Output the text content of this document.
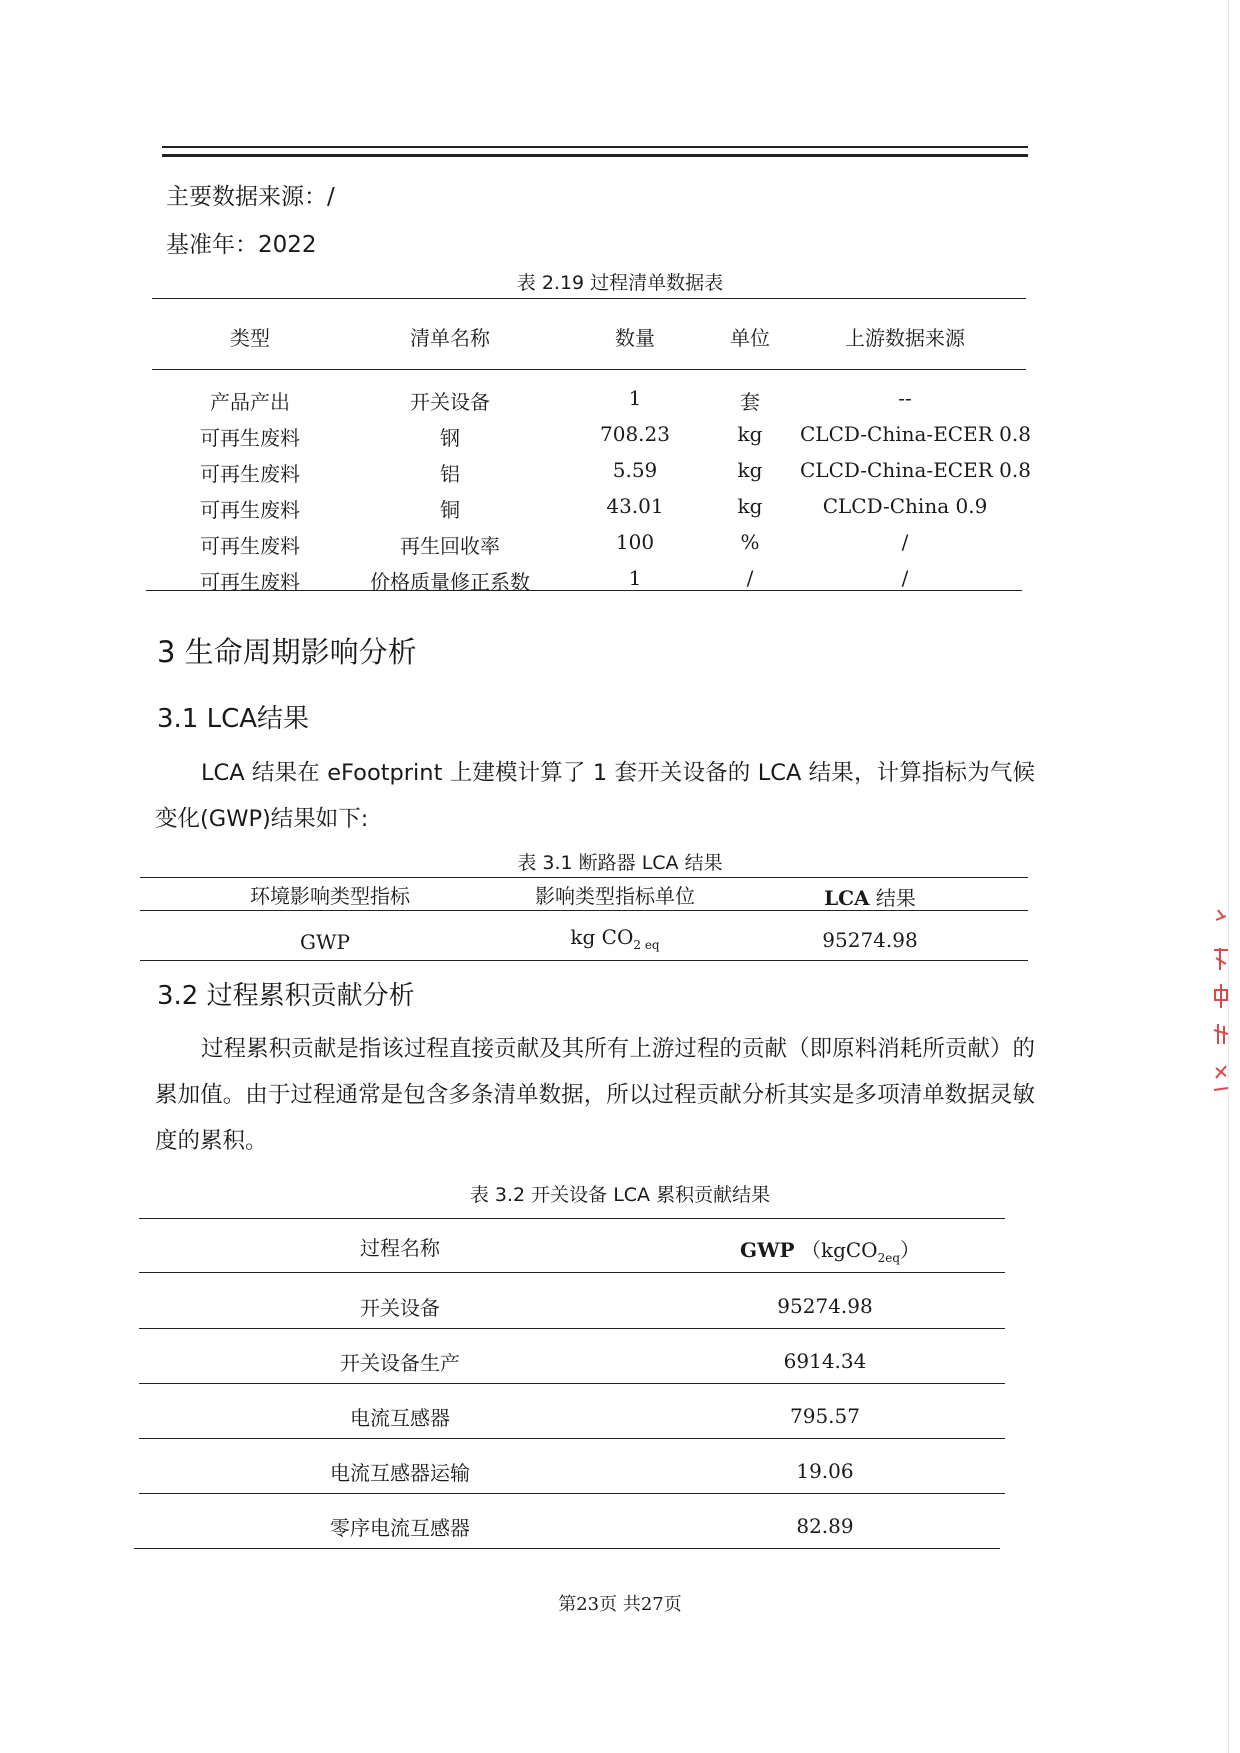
主要数据来源：/
基准年：2022
表 2.19 过程清单数据表
类型	清单名称	数量	单位	上游数据来源
产品产出	开关设备	1	套	--
可再生废料	钢	708.23	kg	CLCD-China-ECER 0.8
可再生废料	铝	5.59	kg	CLCD-China-ECER 0.8
可再生废料	铜	43.01	kg	CLCD-China 0.9
可再生废料	再生回收率	100	%	/
可再生废料	价格质量修正系数	1	/	/
3 生命周期影响分析
3.1 LCA结果
LCA 结果在 eFootprint 上建模计算了 1 套开关设备的 LCA 结果，计算指标为气候变化(GWP)结果如下:
表 3.1 断路器 LCA 结果
环境影响类型指标	影响类型指标单位	LCA 结果
GWP	kg $CO_{2 eq}$	95274.98
3.2 过程累积贡献分析
过程累积贡献是指该过程直接贡献及其所有上游过程的贡献（即原料消耗所贡献）的累加值。由于过程通常是包含多条清单数据，所以过程贡献分析其实是多项清单数据灵敏度的累积。
表 3.2 开关设备 LCA 累积贡献结果
过程名称	GWP （kgCO$_{2eq}$）
开关设备	95274.98
开关设备生产	6914.34
电流互感器	795.57
电流互感器运输	19.06
零序电流互感器	82.89
第23页 共27页
